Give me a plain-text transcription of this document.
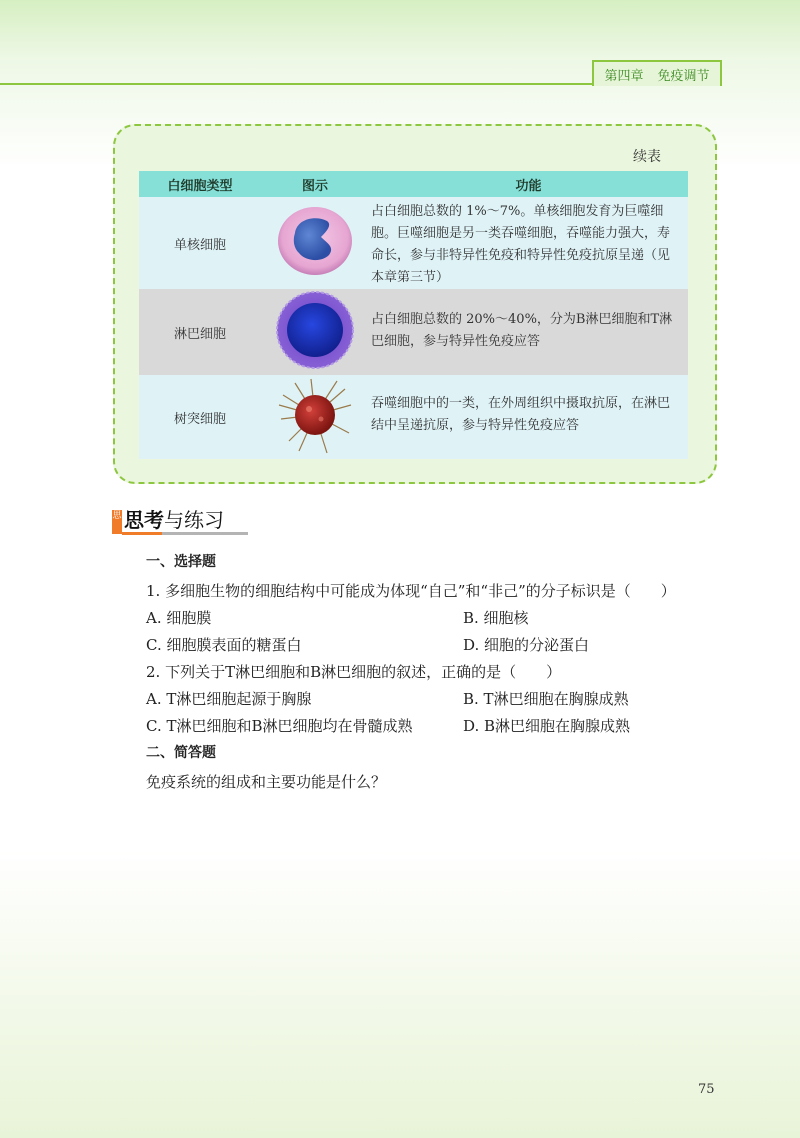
第四章 免疫调节
续表
白细胞类型	图示	功能
单核细胞		占白细胞总数的 1%～7%。单核细胞发育为巨噬细胞。巨噬细胞是另一类吞噬细胞，吞噬能力强大，寿命长，参与非特异性免疫和特异性免疫抗原呈递（见本章第三节）

淋巴细胞		占白细胞总数的 20%～40%，分为B淋巴细胞和T淋巴细胞，参与特异性免疫应答

树突细胞		吞噬细胞中的一类，在外周组织中摄取抗原，在淋巴结中呈递抗原，参与特异性免疫应答
思 思考与练习
一、选择题
1. 多细胞生物的细胞结构中可能成为体现“自己”和“非己”的分子标识是（　　）
A. 细胞膜	B. 细胞核
C. 细胞膜表面的糖蛋白	D. 细胞的分泌蛋白
2. 下列关于T淋巴细胞和B淋巴细胞的叙述，正确的是（　　）
A. T淋巴细胞起源于胸腺	B. T淋巴细胞在胸腺成熟
C. T淋巴细胞和B淋巴细胞均在骨髓成熟	D. B淋巴细胞在胸腺成熟
二、简答题
免疫系统的组成和主要功能是什么？
75
